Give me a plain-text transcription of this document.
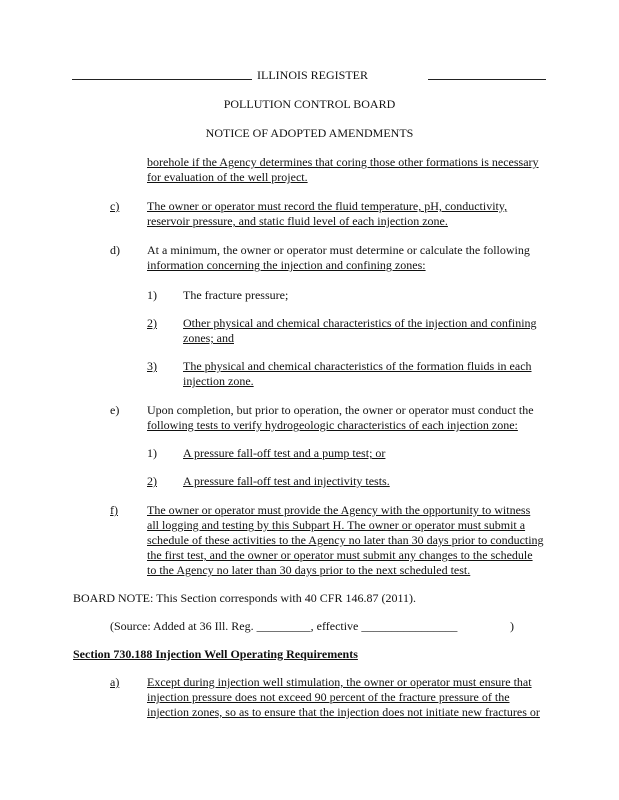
ILLINOIS REGISTER
POLLUTION CONTROL BOARD
NOTICE OF ADOPTED AMENDMENTS
borehole if the Agency determines that coring those other formations is necessary
for evaluation of the well project.
c) The owner or operator must record the fluid temperature, pH, conductivity,
reservoir pressure, and static fluid level of each injection zone.
d) At a minimum, the owner or operator must determine or calculate the following
information concerning the injection and confining zones:
1) The fracture pressure;
2) Other physical and chemical characteristics of the injection and confining
zones; and
3) The physical and chemical characteristics of the formation fluids in each
injection zone.
e) Upon completion, but prior to operation, the owner or operator must conduct the
following tests to verify hydrogeologic characteristics of each injection zone:
1) A pressure fall-off test and a pump test; or
2) A pressure fall-off test and injectivity tests.
f) The owner or operator must provide the Agency with the opportunity to witness
all logging and testing by this Subpart H. The owner or operator must submit a
schedule of these activities to the Agency no later than 30 days prior to conducting
the first test, and the owner or operator must submit any changes to the schedule
to the Agency no later than 30 days prior to the next scheduled test.
BOARD NOTE: This Section corresponds with 40 CFR 146.87 (2011).
(Source: Added at 36 Ill. Reg. _________, effective ________________	)
Section 730.188 Injection Well Operating Requirements
a) Except during injection well stimulation, the owner or operator must ensure that
injection pressure does not exceed 90 percent of the fracture pressure of the
injection zones, so as to ensure that the injection does not initiate new fractures or
